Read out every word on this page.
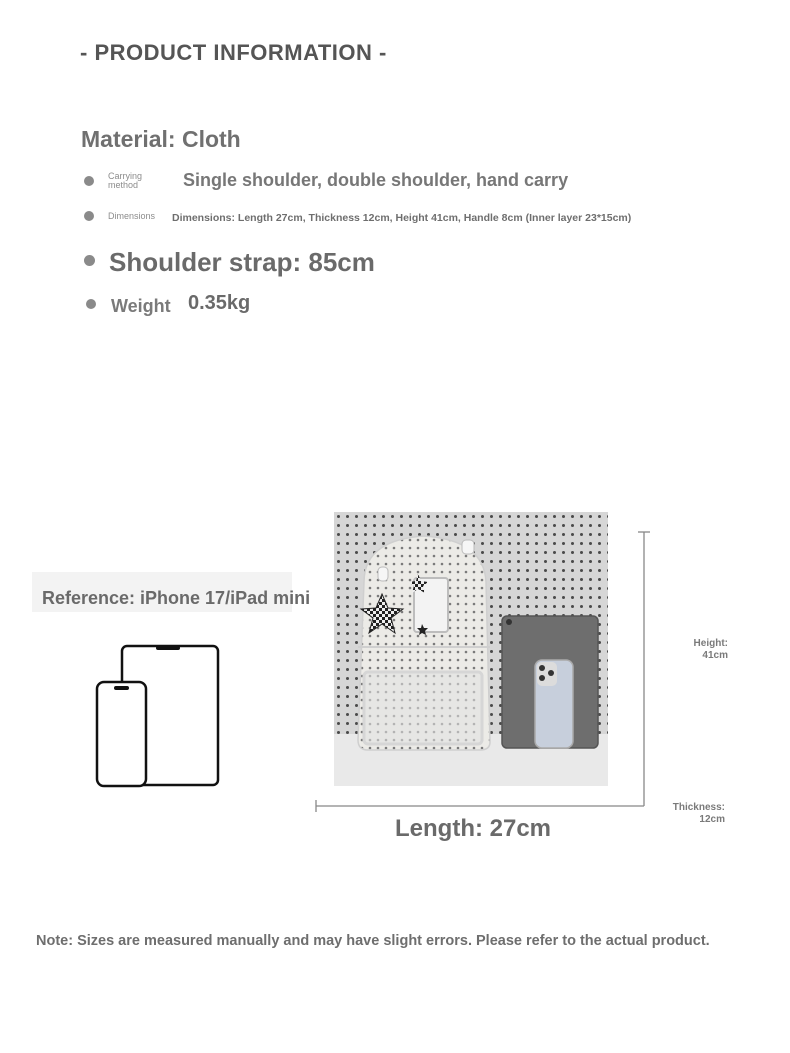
- PRODUCT INFORMATION -
Material: Cloth
Carrying
method Single shoulder, double shoulder, hand carry
Dimensions Dimensions: Length 27cm, Thickness 12cm, Height 41cm, Handle 8cm (Inner layer 23*15cm)
Shoulder strap: 85cm
Weight 0.35kg
Reference: iPhone 17/iPad mini
Height:
41cm
Thickness:
12cm
Length: 27cm
Note: Sizes are measured manually and may have slight errors. Please refer to the actual product.
